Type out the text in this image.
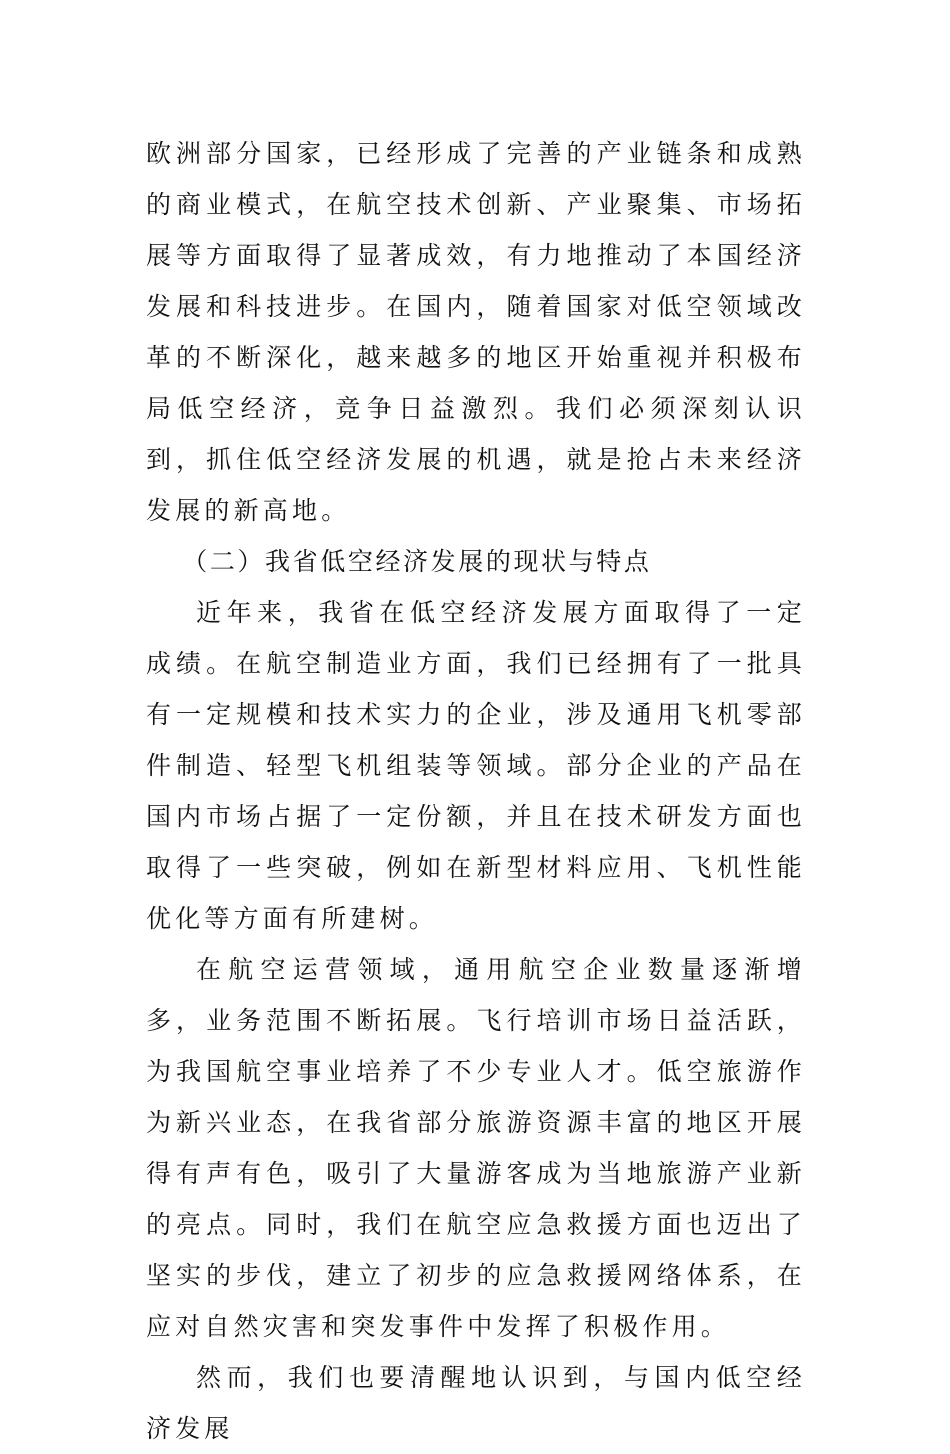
欧洲部分国家，已经形成了完善的产业链条和成熟的商业模式，在航空技术创新、产业聚集、市场拓展等方面取得了显著成效，有力地推动了本国经济发展和科技进步。在国内，随着国家对低空领域改革的不断深化，越来越多的地区开始重视并积极布局低空经济，竞争日益激烈。我们必须深刻认识到，抓住低空经济发展的机遇，就是抢占未来经济发展的新高地。

（二）我省低空经济发展的现状与特点

近年来，我省在低空经济发展方面取得了一定成绩。在航空制造业方面，我们已经拥有了一批具有一定规模和技术实力的企业，涉及通用飞机零部件制造、轻型飞机组装等领域。部分企业的产品在国内市场占据了一定份额，并且在技术研发方面也取得了一些突破，例如在新型材料应用、飞机性能优化等方面有所建树。

在航空运营领域，通用航空企业数量逐渐增多，业务范围不断拓展。飞行培训市场日益活跃，为我国航空事业培养了不少专业人才。低空旅游作为新兴业态，在我省部分旅游资源丰富的地区开展得有声有色，吸引了大量游客成为当地旅游产业新的亮点。同时，我们在航空应急救援方面也迈出了坚实的步伐，建立了初步的应急救援网络体系，在应对自然灾害和突发事件中发挥了积极作用。

然而，我们也要清醒地认识到，与国内低空经济发展
